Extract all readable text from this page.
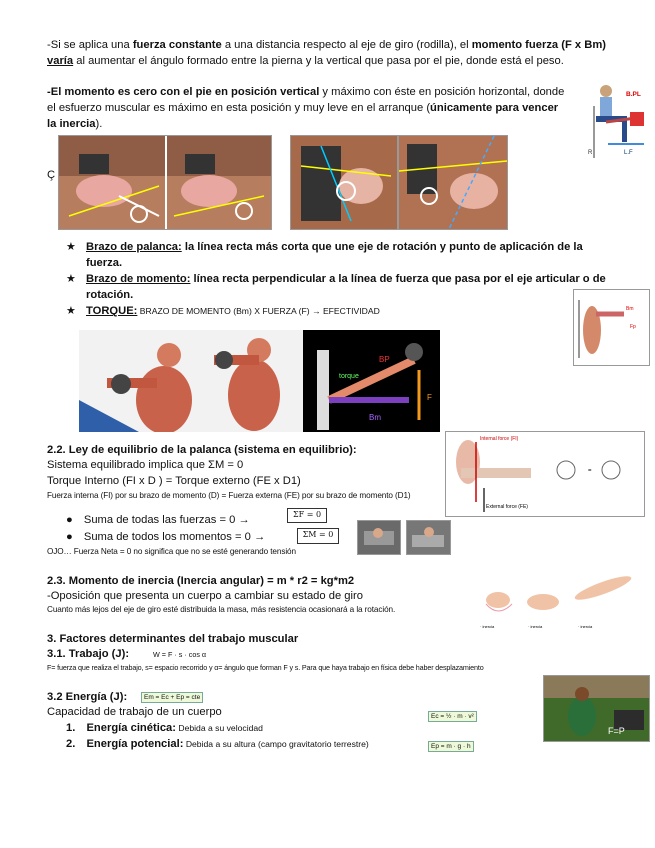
-Si se aplica una fuerza constante a una distancia respecto al eje de giro (rodilla), el momento fuerza (F x Bm) varía al aumentar el ángulo formado entre la pierna y la vertical que pasa por el pie, donde está el peso.
-El momento es cero con el pie en posición vertical y máximo con éste en posición horizontal, donde el esfuerzo muscular es máximo en esta posición y muy leve en el arranque (únicamente para vencer la inercia).
B.PL
L.F
R
Ç
★ Brazo de palanca: la línea recta más corta que une eje de rotación y punto de aplicación de la fuerza.
★ Brazo de momento: línea recta perpendicular a la línea de fuerza que pasa por el eje articular o de rotación.
★ TORQUE: BRAZO DE MOMENTO (Bm) X FUERZA (F) → EFECTIVIDAD	Bm
Fp
torque
BP
Bm
F
2.2. Ley de equilibrio de la palanca (sistema en equilibrio):
Sistema equilibrado implica que ΣM = 0
Torque Interno (FI x D ) = Torque externo (FE x D1)
Fuerza interna (FI) por su brazo de momento (D) = Fuerza externa (FE) por su brazo de momento (D1)
● Suma de todas las fuerzas = 0 →	ΣF = 0
● Suma de todos los momentos = 0 →	ΣM = 0
OJO… Fuerza Neta = 0 no significa que no se esté generando tensión
Internal force (FI)
External force (FE)
=
2.3. Momento de inercia (Inercia angular) = m * r2 = kg*m2
-Oposición que presenta un cuerpo a cambiar su estado de giro
Cuanto más lejos del eje de giro esté distribuida la masa, más resistencia ocasionará a la rotación.
· inercia	· inercia	· inercia
3. Factores determinantes del trabajo muscular
3.1. Trabajo (J):	W = F · s · cos α
F= fuerza que realiza el trabajo, s= espacio recorrido y α= ángulo que forman F y s. Para que haya trabajo en física debe haber desplazamiento
3.2 Energía (J):	Em = Ec + Ep = cte
Capacidad de trabajo de un cuerpo
1. Energía cinética: Debida a su velocidad
Ec = ½ · m · v²
2. Energía potencial: Debida a su altura (campo gravitatorio terrestre)	Ep = m · g · h
F=P
